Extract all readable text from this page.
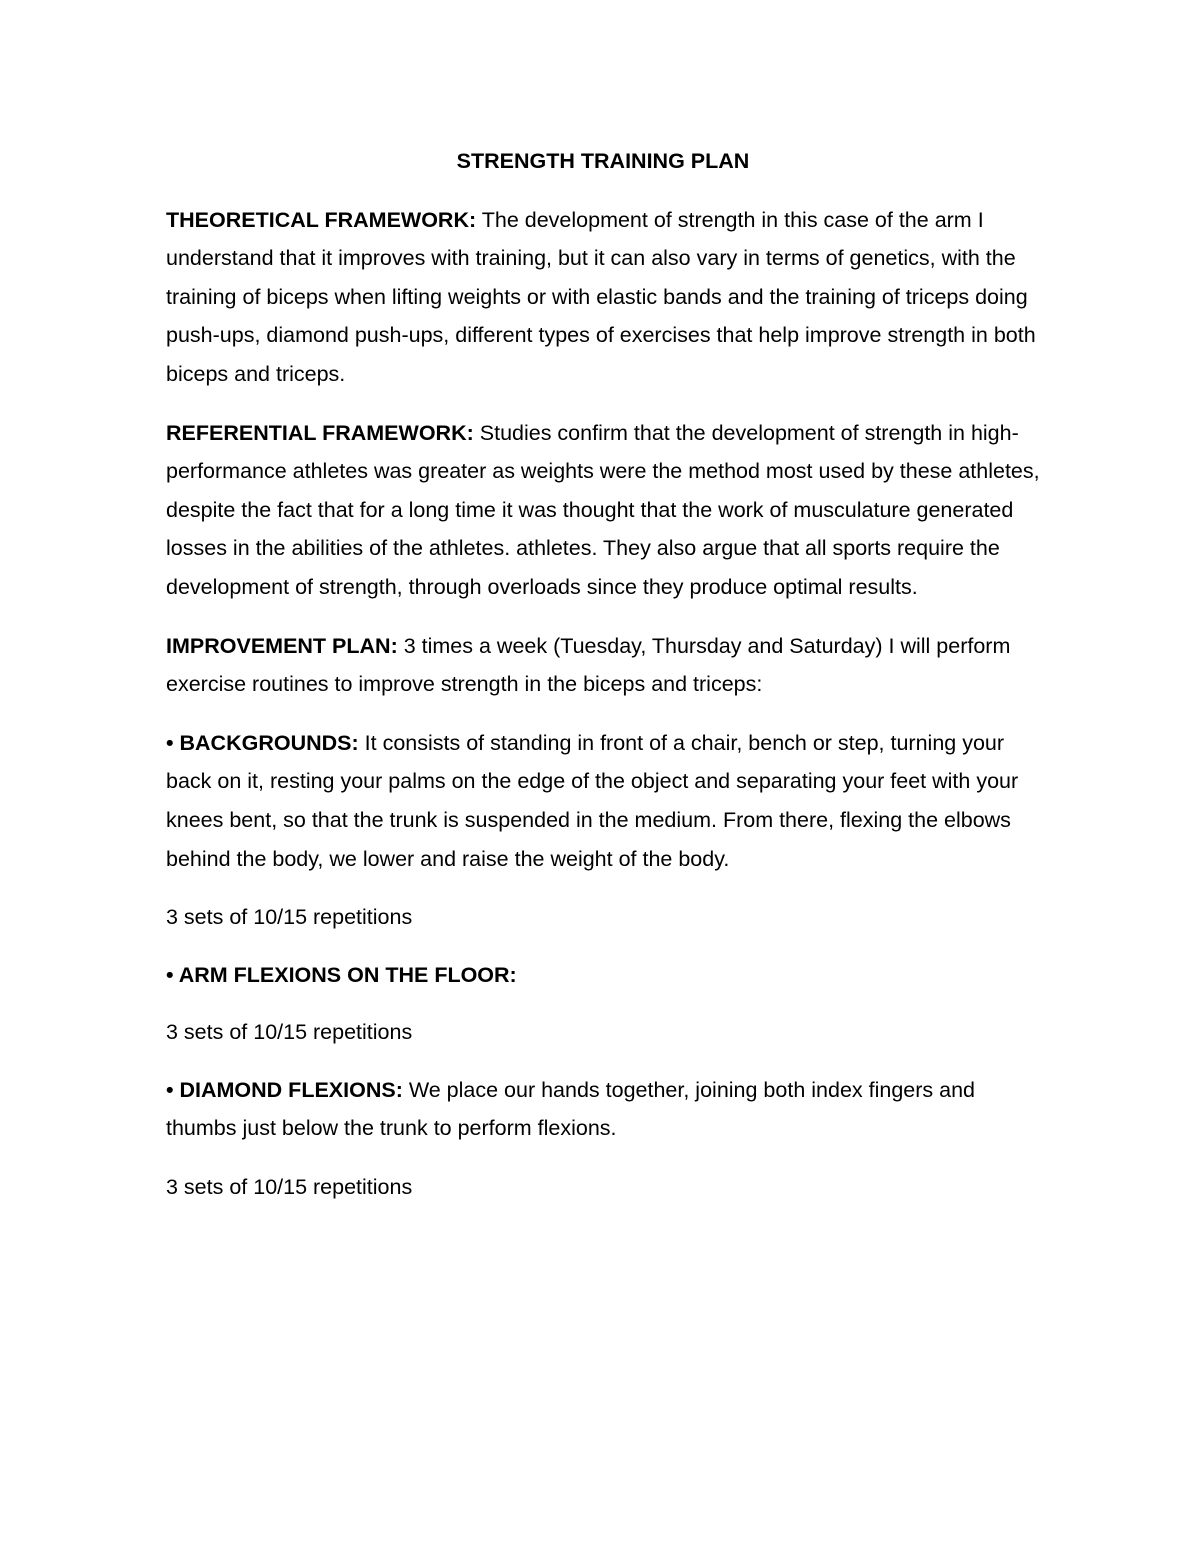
STRENGTH TRAINING PLAN

THEORETICAL FRAMEWORK: The development of strength in this case of the arm I understand that it improves with training, but it can also vary in terms of genetics, with the training of biceps when lifting weights or with elastic bands and the training of triceps doing push-ups, diamond push-ups, different types of exercises that help improve strength in both biceps and triceps.

REFERENTIAL FRAMEWORK: Studies confirm that the development of strength in high-performance athletes was greater as weights were the method most used by these athletes, despite the fact that for a long time it was thought that the work of musculature generated losses in the abilities of the athletes. athletes. They also argue that all sports require the development of strength, through overloads since they produce optimal results.

IMPROVEMENT PLAN: 3 times a week (Tuesday, Thursday and Saturday) I will perform exercise routines to improve strength in the biceps and triceps:

• BACKGROUNDS: It consists of standing in front of a chair, bench or step, turning your back on it, resting your palms on the edge of the object and separating your feet with your knees bent, so that the trunk is suspended in the medium. From there, flexing the elbows behind the body, we lower and raise the weight of the body.

3 sets of 10/15 repetitions

• ARM FLEXIONS ON THE FLOOR:

3 sets of 10/15 repetitions

• DIAMOND FLEXIONS: We place our hands together, joining both index fingers and thumbs just below the trunk to perform flexions.

3 sets of 10/15 repetitions
